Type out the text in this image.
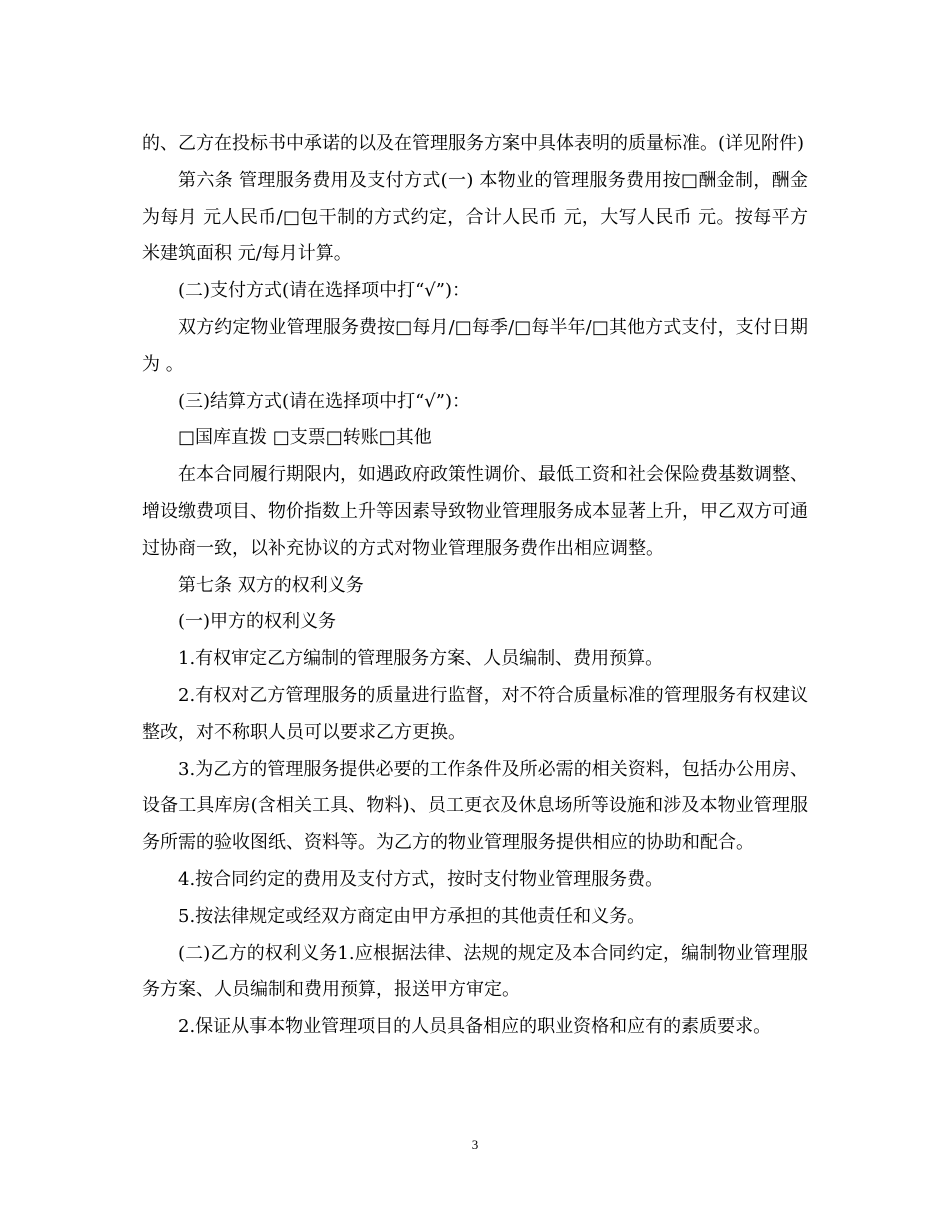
的、乙方在投标书中承诺的以及在管理服务方案中具体表明的质量标准。(详见附件)

第六条 管理服务费用及支付方式(一) 本物业的管理服务费用按□酬金制，酬金为每月 元人民币/□包干制的方式约定，合计人民币 元，大写人民币 元。按每平方米建筑面积 元/每月计算。

(二)支付方式(请在选择项中打“√”)：

双方约定物业管理服务费按□每月/□每季/□每半年/□其他方式支付，支付日期为 。

(三)结算方式(请在选择项中打“√”)：

□国库直拨 □支票□转账□其他

在本合同履行期限内，如遇政府政策性调价、最低工资和社会保险费基数调整、增设缴费项目、物价指数上升等因素导致物业管理服务成本显著上升，甲乙双方可通过协商一致，以补充协议的方式对物业管理服务费作出相应调整。

第七条 双方的权利义务

(一)甲方的权利义务

1.有权审定乙方编制的管理服务方案、人员编制、费用预算。

2.有权对乙方管理服务的质量进行监督，对不符合质量标准的管理服务有权建议整改，对不称职人员可以要求乙方更换。

3.为乙方的管理服务提供必要的工作条件及所必需的相关资料，包括办公用房、设备工具库房(含相关工具、物料)、员工更衣及休息场所等设施和涉及本物业管理服务所需的验收图纸、资料等。为乙方的物业管理服务提供相应的协助和配合。

4.按合同约定的费用及支付方式，按时支付物业管理服务费。

5.按法律规定或经双方商定由甲方承担的其他责任和义务。

(二)乙方的权利义务1.应根据法律、法规的规定及本合同约定，编制物业管理服务方案、人员编制和费用预算，报送甲方审定。

2.保证从事本物业管理项目的人员具备相应的职业资格和应有的素质要求。

3
